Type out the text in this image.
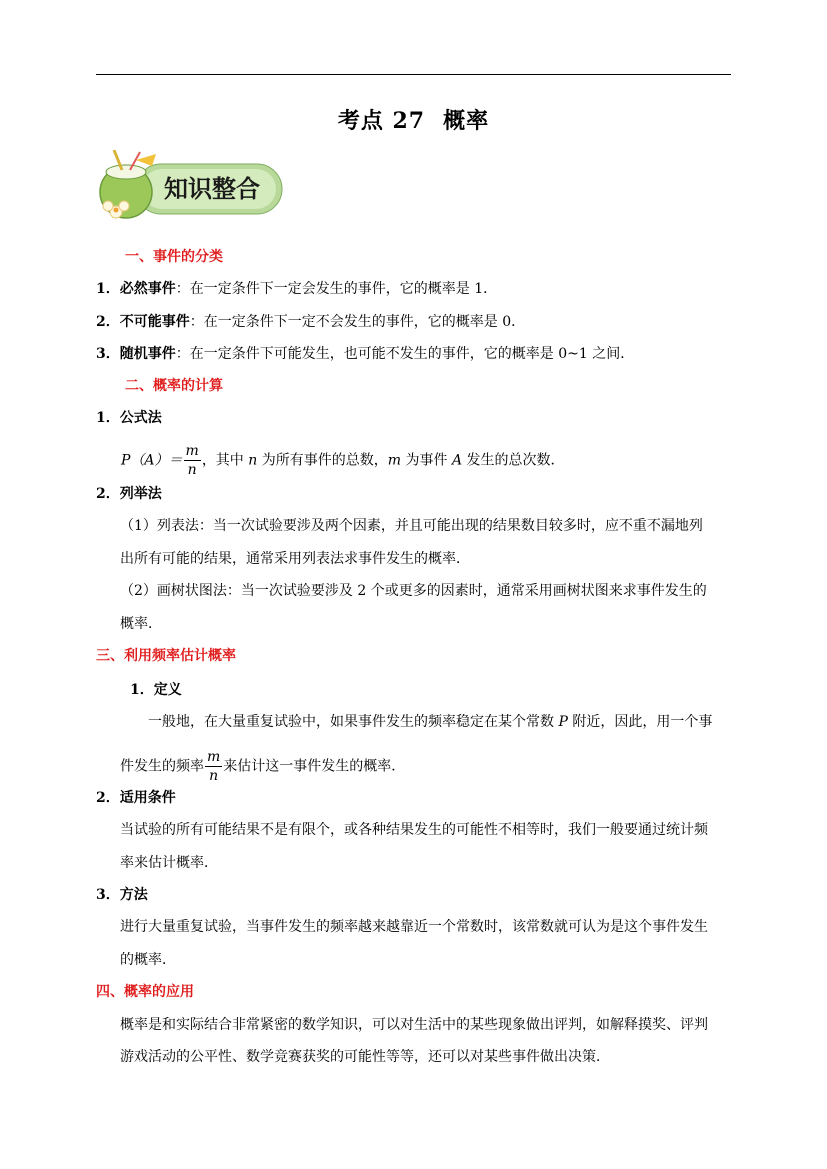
考点 27 概率
知识整合
一、事件的分类
1．必然事件：在一定条件下一定会发生的事件，它的概率是 1．
2．不可能事件：在一定条件下一定不会发生的事件，它的概率是 0．
3．随机事件：在一定条件下可能发生，也可能不发生的事件，它的概率是 0~1 之间．
二、概率的计算
1．公式法
$P(A)= \frac{m}{n}$ ，其中 n 为所有事件的总数，m 为事件 A 发生的总次数．
2．列举法
（1）列表法：当一次试验要涉及两个因素，并且可能出现的结果数目较多时，应不重不漏地列
出所有可能的结果，通常采用列表法求事件发生的概率．
（2）画树状图法：当一次试验要涉及 2 个或更多的因素时，通常采用画树状图来求事件发生的
概率．
三、利用频率估计概率
1．定义
一般地，在大量重复试验中，如果事件发生的频率稳定在某个常数 P 附近，因此，用一个事
件发生的频率 $\frac{m}{n}$ 来估计这一事件发生的概率．
2．适用条件
当试验的所有可能结果不是有限个，或各种结果发生的可能性不相等时，我们一般要通过统计频
率来估计概率．
3．方法
进行大量重复试验，当事件发生的频率越来越靠近一个常数时，该常数就可认为是这个事件发生
的概率．
四、概率的应用
概率是和实际结合非常紧密的数学知识，可以对生活中的某些现象做出评判，如解释摸奖、评判
游戏活动的公平性、数学竞赛获奖的可能性等等，还可以对某些事件做出决策．
